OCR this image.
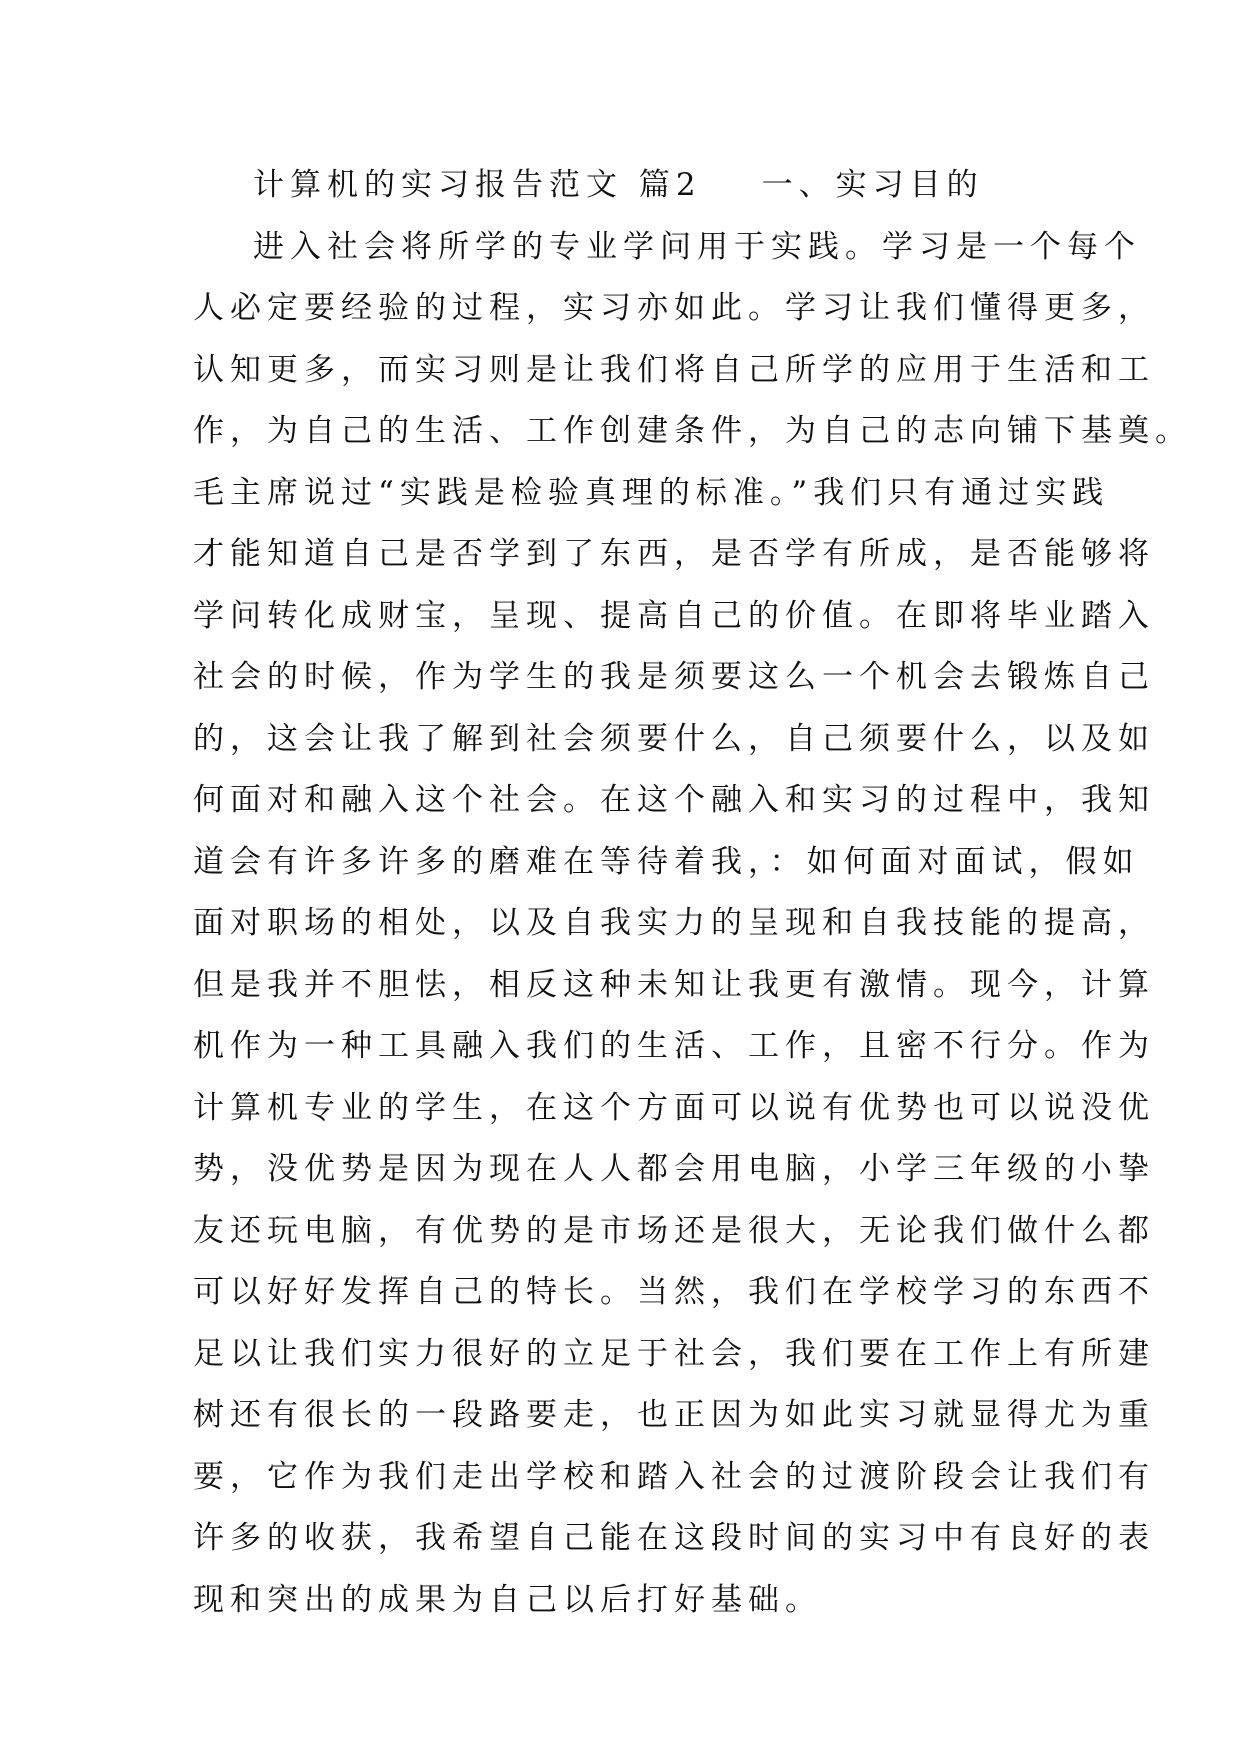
计算机的实习报告范文 篇2 一、实习目的
进入社会将所学的专业学问用于实践。学习是一个每个
人必定要经验的过程，实习亦如此。学习让我们懂得更多，
认知更多，而实习则是让我们将自己所学的应用于生活和工
作，为自己的生活、工作创建条件，为自己的志向铺下基奠。
毛主席说过“实践是检验真理的标准。”我们只有通过实践
才能知道自己是否学到了东西，是否学有所成，是否能够将
学问转化成财宝，呈现、提高自己的价值。在即将毕业踏入
社会的时候，作为学生的我是须要这么一个机会去锻炼自己
的，这会让我了解到社会须要什么，自己须要什么，以及如
何面对和融入这个社会。在这个融入和实习的过程中，我知
道会有许多许多的磨难在等待着我，：如何面对面试，假如
面对职场的相处，以及自我实力的呈现和自我技能的提高，
但是我并不胆怯，相反这种未知让我更有激情。现今，计算
机作为一种工具融入我们的生活、工作，且密不行分。作为
计算机专业的学生，在这个方面可以说有优势也可以说没优
势，没优势是因为现在人人都会用电脑，小学三年级的小挚
友还玩电脑，有优势的是市场还是很大，无论我们做什么都
可以好好发挥自己的特长。当然，我们在学校学习的东西不
足以让我们实力很好的立足于社会，我们要在工作上有所建
树还有很长的一段路要走，也正因为如此实习就显得尤为重
要，它作为我们走出学校和踏入社会的过渡阶段会让我们有
许多的收获，我希望自己能在这段时间的实习中有良好的表
现和突出的成果为自己以后打好基础。
